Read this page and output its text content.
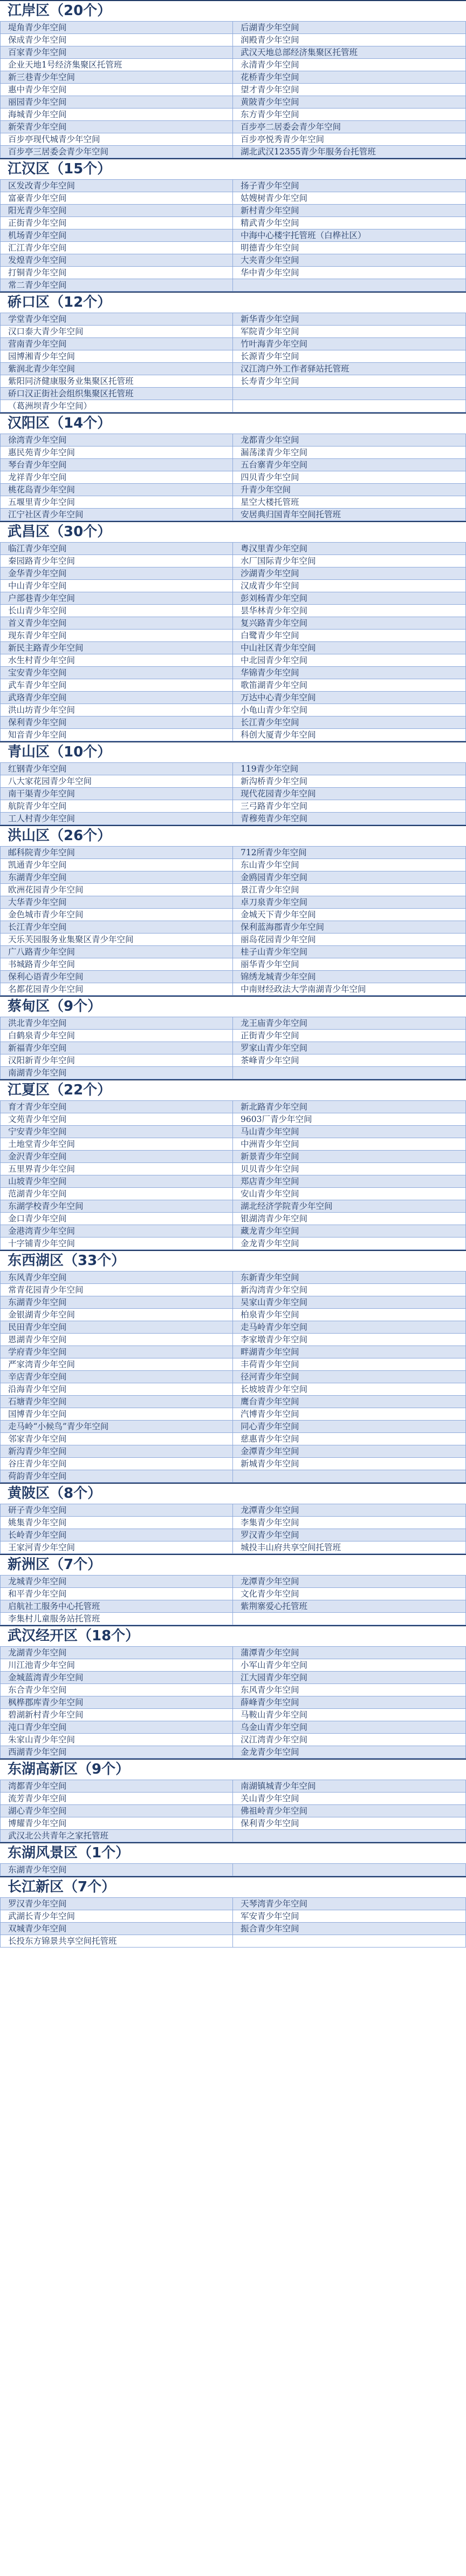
江岸区（20个）
堤角青少年空间	后湖青少年空间
保成青少年空间	润殿青少年空间
百家青少年空间	武汉天地总部经济集聚区托管班
企业天地1号经济集聚区托管班	永清青少年空间
新三巷青少年空间	花桥青少年空间
惠中青少年空间	望才青少年空间
丽园青少年空间	黄陂青少年空间
海城青少年空间	东方青少年空间
新荣青少年空间	百步亭二居委会青少年空间
百步亭现代城青少年空间	百步亭悦秀青少年空间
百步亭三居委会青少年空间	湖北武汉12355青少年服务台托管班
江汉区（15个）
区发改青少年空间	扬子青少年空间
富豪青少年空间	姑嫂树青少年空间
阳光青少年空间	新村青少年空间
正街青少年空间	精武青少年空间
机场青少年空间	中海中心楼宇托管班（白桦社区）
汇江青少年空间	明德青少年空间
发煌青少年空间	大夹青少年空间
打铜青少年空间	华中青少年空间
常二青少年空间
硚口区（12个）
学堂青少年空间	新华青少年空间
汉口泰大青少年空间	军院青少年空间
营南青少年空间	竹叶海青少年空间
园博湘青少年空间	长源青少年空间
紫润北青少年空间	汉江湾户外工作者驿站托管班
紫阳同济健康服务业集聚区托管班	长寿青少年空间
硚口汉正街社会组织集聚区托管班
（葛洲坝青少年空间）
汉阳区（14个）
徐湾青少年空间	龙都青少年空间
惠民苑青少年空间	漏荡漾青少年空间
琴台青少年空间	五台寨青少年空间
龙祥青少年空间	四贝青少年空间
桃花岛青少年空间	升青少年空间
五堰里青少年空间	星空大楼托管班
江宁社区青少年空间	安居典归国青年空间托管班
武昌区（30个）
临江青少年空间	粤汉里青少年空间
秦园路青少年空间	水厂国际青少年空间
金华青少年空间	沙湖青少年空间
中山青少年空间	汉成青少年空间
户部巷青少年空间	彭刘杨青少年空间
长山青少年空间	昙华林青少年空间
首义青少年空间	复兴路青少年空间
现东青少年空间	白鹭青少年空间
新民主路青少年空间	中山社区青少年空间
水生村青少年空间	中北园青少年空间
宝安青少年空间	华锦青少年空间
武车青少年空间	歌笛湖青少年空间
武珞青少年空间	万达中心青少年空间
洪山坊青少年空间	小龟山青少年空间
保利青少年空间	长江青少年空间
知音青少年空间	科创大厦青少年空间
青山区（10个）
红钢青少年空间	119青少年空间
八大家花园青少年空间	新沟桥青少年空间
南干渠青少年空间	现代花园青少年空间
航院青少年空间	三弓路青少年空间
工人村青少年空间	青穆苑青少年空间
洪山区（26个）
邮科院青少年空间	712所青少年空间
凯通青少年空间	东山青少年空间
东湖青少年空间	金鸥园青少年空间
欧洲花园青少年空间	景江青少年空间
大华青少年空间	卓刀泉青少年空间
金色城市青少年空间	金城天下青少年空间
长江青少年空间	保利蓝海郡青少年空间
天乐芙园服务业集聚区青少年空间	丽岛花园青少年空间
广八路青少年空间	桂子山青少年空间
书城路青少年空间	丽华青少年空间
保利心语青少年空间	锦绣龙城青少年空间
名都花园青少年空间	中南财经政法大学南湖青少年空间
蔡甸区（9个）
洪北青少年空间	龙王庙青少年空间
白鹤泉青少年空间	正街青少年空间
新福青少年空间	罗家山青少年空间
汉阳新青少年空间	茶峰青少年空间
南湖青少年空间
江夏区（22个）
育才青少年空间	新北路青少年空间
文苑青少年空间	9603厂青少年空间
宁安青少年空间	马山青少年空间
土地堂青少年空间	中洲青少年空间
金沢青少年空间	新景青少年空间
五里界青少年空间	贝贝青少年空间
山坡青少年空间	郑店青少年空间
范湖青少年空间	安山青少年空间
东湖学校青少年空间	湖北经济学院青少年空间
金口青少年空间	银湖湾青少年空间
金港湾青少年空间	藏龙青少年空间
十字铺青少年空间	金龙青少年空间
东西湖区（33个）
东风青少年空间	东新青少年空间
常青花园青少年空间	新沟湾青少年空间
东湖青少年空间	吴家山青少年空间
金银湖青少年空间	柏泉青少年空间
民田青少年空间	走马岭青少年空间
恩湖青少年空间	李家墩青少年空间
学府青少年空间	畔湖青少年空间
严家湾青少年空间	丰荷青少年空间
辛店青少年空间	径河青少年空间
沿海青少年空间	长坡坡青少年空间
石塘青少年空间	鹰台青少年空间
国博青少年空间	汽博青少年空间
走马岭“小候鸟”青少年空间	同心青少年空间
邻家青少年空间	慈惠青少年空间
新沟青少年空间	金潭青少年空间
谷庄青少年空间	新城青少年空间
荷韵青少年空间
黄陂区（8个）
研子青少年空间	龙潭青少年空间
姚集青少年空间	李集青少年空间
长岭青少年空间	罗汉青少年空间
王家河青少年空间	城投丰山府共享空间托管班
新洲区（7个）
龙城青少年空间	龙潭青少年空间
和平青少年空间	文化青少年空间
启航社工服务中心托管班	紫荆寨爱心托管班
李集村儿童服务站托管班
武汉经开区（18个）
龙湖青少年空间	蒲潭青少年空间
川江池青少年空间	小军山青少年空间
金城蓝湾青少年空间	江大园青少年空间
东合青少年空间	东风青少年空间
枫桦郡库青少年空间	薛峰青少年空间
碧湖新村青少年空间	马鞍山青少年空间
沌口青少年空间	乌金山青少年空间
朱家山青少年空间	汉江湾青少年空间
西湖青少年空间	金龙青少年空间
东湖高新区（9个）
湾都青少年空间	南湖镇城青少年空间
流芳青少年空间	关山青少年空间
湖心青少年空间	佛祖岭青少年空间
博耀青少年空间	保利青少年空间
武汉北公共青年之家托管班
东湖风景区（1个）
东湖青少年空间
长江新区（7个）
罗汉青少年空间	天琴湾青少年空间
武湖长青少年空间	军安青少年空间
双城青少年空间	振合青少年空间
长投东方锦景共享空间托管班
